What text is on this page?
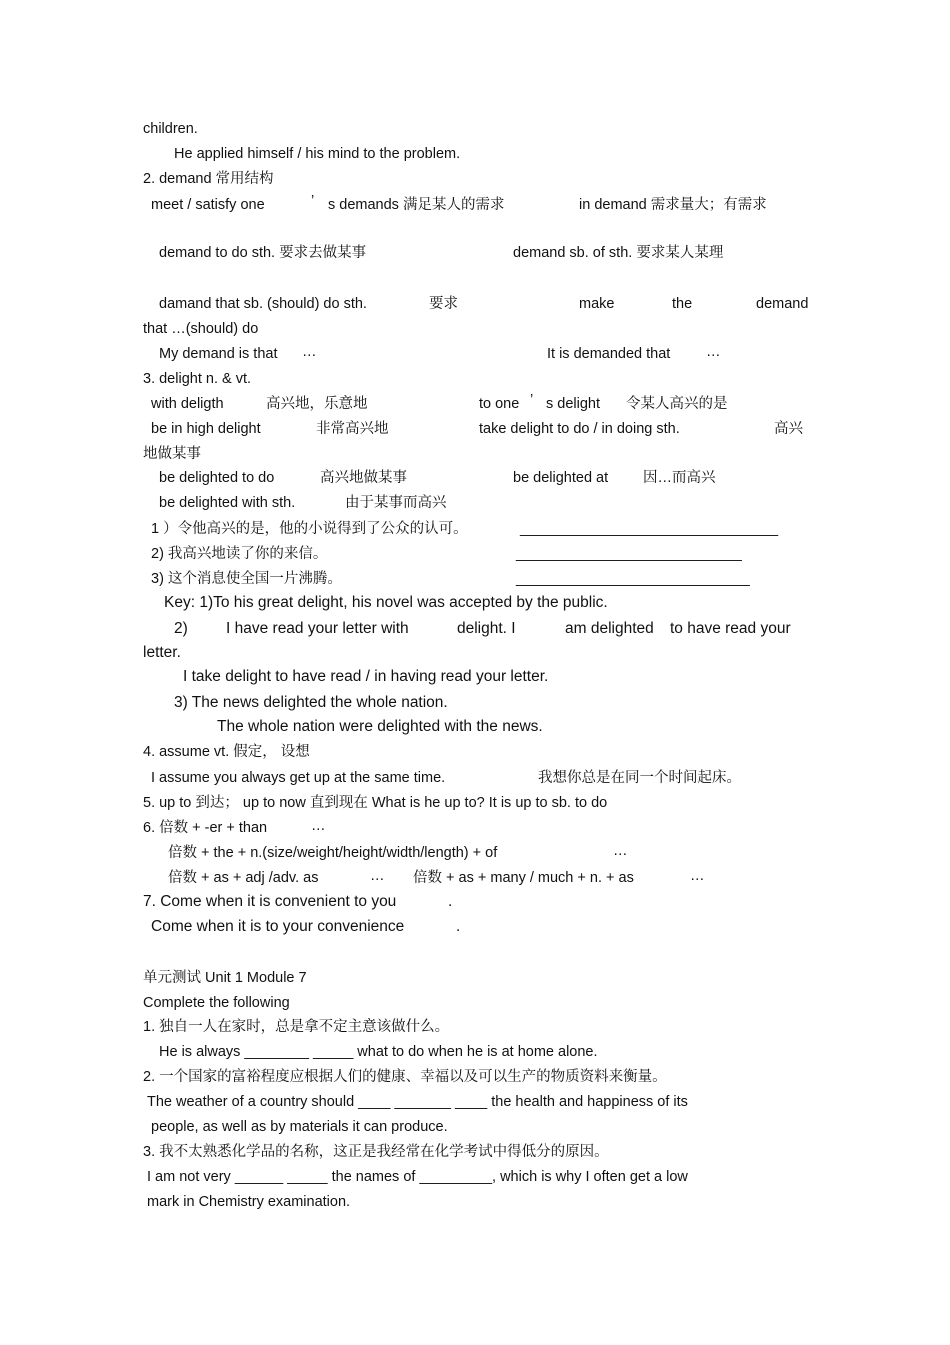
children.
He applied himself / his mind to the problem.
2. demand 常用结构
meet / satisfy one	’ s demands 满足某人的需求	in demand 需求量大；有需求
demand to do sth. 要求去做某事	demand sb. of sth. 要求某人某理
damand that sb. (should) do sth.	要求	make	the	demand
that …(should) do
My demand is that …	It is demanded that …
3. delight n. & vt.
with deligth	高兴地，乐意地	to one ’ s delight 令某人高兴的是
be in high delight	非常高兴地	take delight to do / in doing sth.	高兴
地做某事
be delighted to do	高兴地做某事	be delighted at 因…而高兴
be delighted with sth.	由于某事而高兴
1 ）令他高兴的是，他的小说得到了公众的认可。	________________________________
2) 我高兴地读了你的来信。	____________________________
3) 这个消息使全国一片沸腾。	_____________________________
Key: 1)To his great delight, his novel was accepted by the public.
2) I have read your letter with	delight. I	am delighted to have read your
letter.
I take delight to have read / in having read your letter.
3) The news delighted the whole nation.
The whole nation were delighted with the news.
4. assume vt. 假定， 设想
I assume you always get up at the same time.	我想你总是在同一个时间起床。
5. up to 到达； up to now 直到现在 What is he up to? It is up to sb. to do
6. 倍数 + -er + than	…
倍数 + the + n.(size/weight/height/width/length) + of	…
倍数 + as + adj /adv. as	… 倍数 + as + many / much + n. + as	…
7. Come when it is convenient to you	.
Come when it is to your convenience	.
单元测试 Unit 1 Module 7
Complete the following
1. 独自一人在家时，总是拿不定主意该做什么。
He is always ________ _____ what to do when he is at home alone.
2. 一个国家的富裕程度应根据人们的健康、幸福以及可以生产的物质资料来衡量。
The weather of a country should ____ _______ ____ the health and happiness of its
people, as well as by materials it can produce.
3. 我不太熟悉化学品的名称，这正是我经常在化学考试中得低分的原因。
I am not very ______ _____ the names of _________, which is why I often get a low
mark in Chemistry examination.
